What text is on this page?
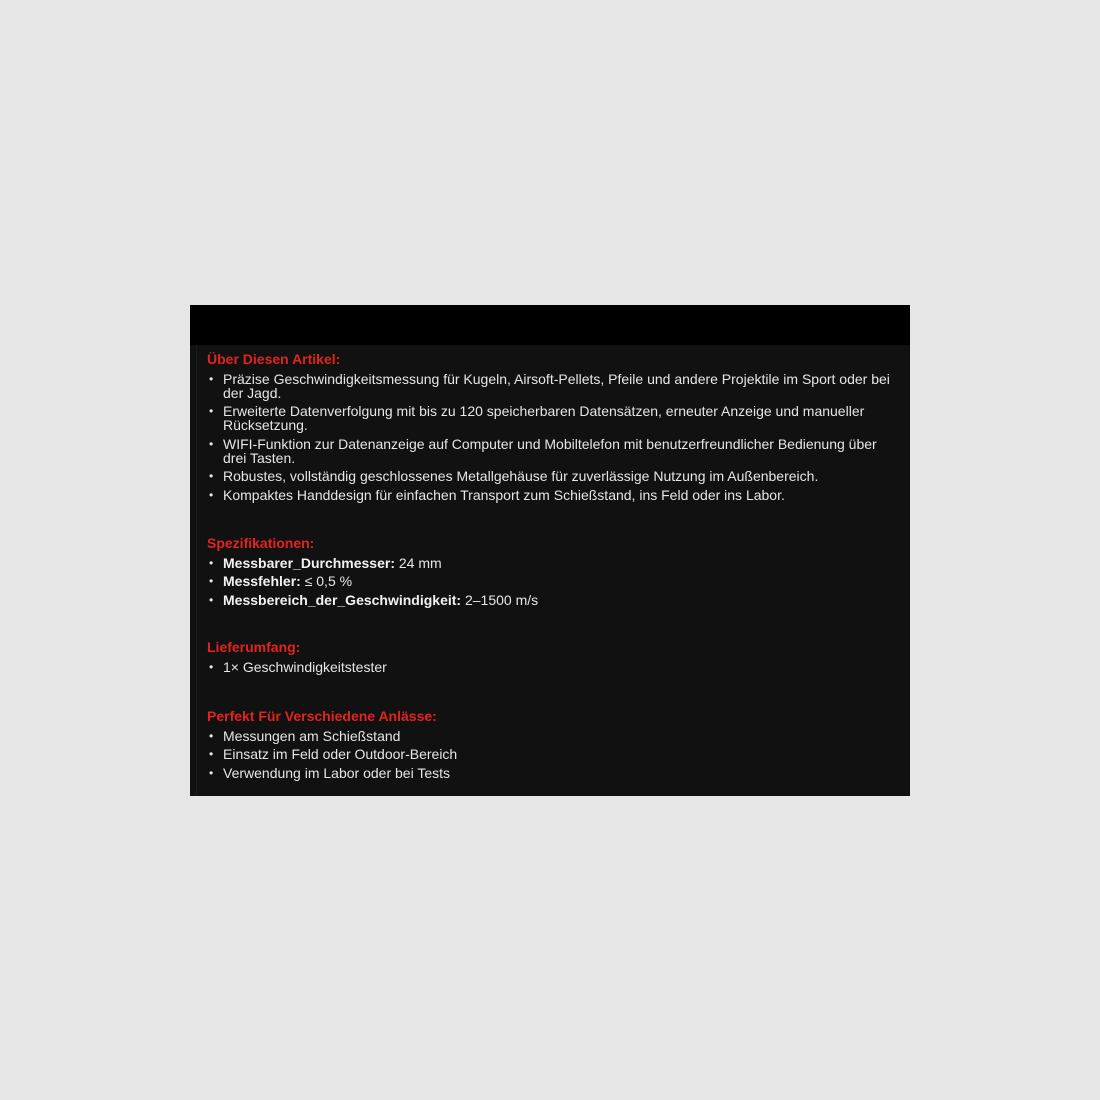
Über Diesen Artikel:
• Präzise Geschwindigkeitsmessung für Kugeln, Airsoft-Pellets, Pfeile und andere Projektile im Sport oder bei der Jagd.
• Erweiterte Datenverfolgung mit bis zu 120 speicherbaren Datensätzen, erneuter Anzeige und manueller Rücksetzung.
• WIFI-Funktion zur Datenanzeige auf Computer und Mobiltelefon mit benutzerfreundlicher Bedienung über drei Tasten.
• Robustes, vollständig geschlossenes Metallgehäuse für zuverlässige Nutzung im Außenbereich.
• Kompaktes Handdesign für einfachen Transport zum Schießstand, ins Feld oder ins Labor.
Spezifikationen:
• Messbarer_Durchmesser: 24 mm
• Messfehler: ≤ 0,5 %
• Messbereich_der_Geschwindigkeit: 2–1500 m/s
Lieferumfang:
• 1× Geschwindigkeitstester
Perfekt Für Verschiedene Anlässe:
• Messungen am Schießstand
• Einsatz im Feld oder Outdoor-Bereich
• Verwendung im Labor oder bei Tests
